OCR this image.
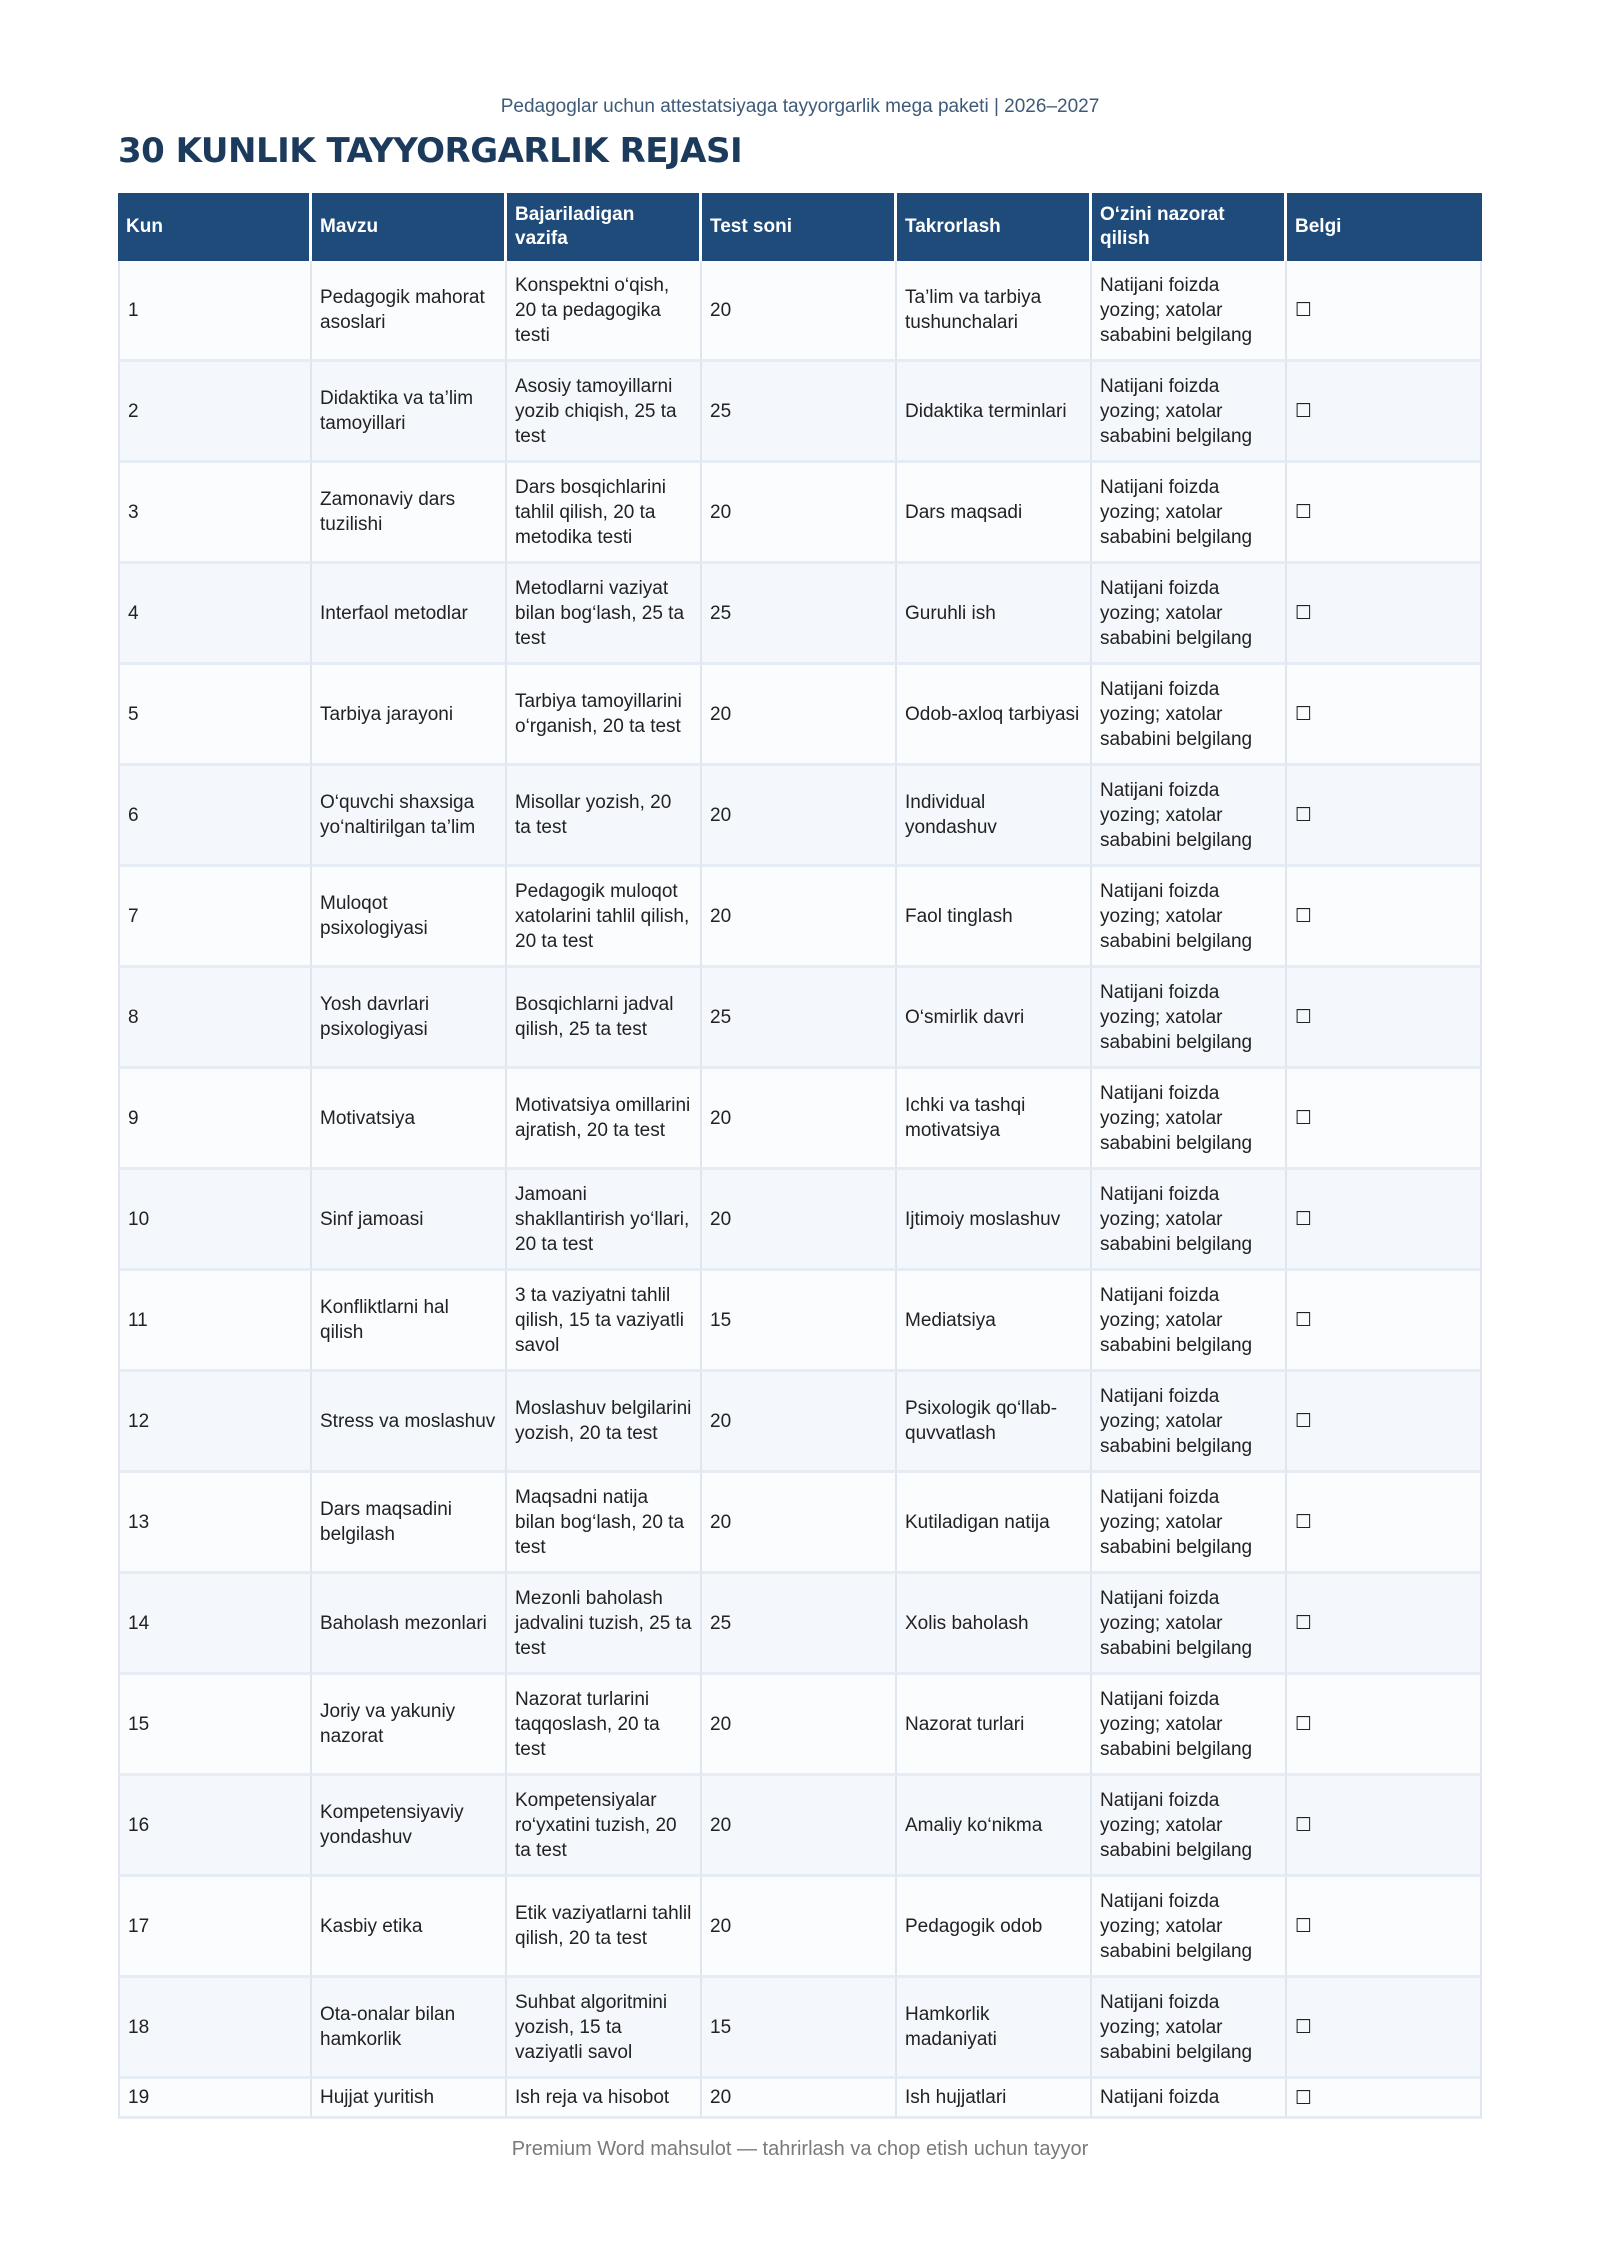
Pedagoglar uchun attestatsiyaga tayyorgarlik mega paketi | 2026–2027
30 KUNLIK TAYYORGARLIK REJASI
Kun	Mavzu	Bajariladigan vazifa	Test soni	Takrorlash	O‘zini nazorat qilish	Belgi
1	Pedagogik mahorat asoslari	Konspektni o‘qish, 20 ta pedagogika testi	20	Ta’lim va tarbiya tushunchalari	Natijani foizda yozing; xatolar sababini belgilang	☐
2	Didaktika va ta’lim tamoyillari	Asosiy tamoyillarni yozib chiqish, 25 ta test	25	Didaktika terminlari	Natijani foizda yozing; xatolar sababini belgilang	☐
3	Zamonaviy dars tuzilishi	Dars bosqichlarini tahlil qilish, 20 ta metodika testi	20	Dars maqsadi	Natijani foizda yozing; xatolar sababini belgilang	☐
4	Interfaol metodlar	Metodlarni vaziyat bilan bog‘lash, 25 ta test	25	Guruhli ish	Natijani foizda yozing; xatolar sababini belgilang	☐
5	Tarbiya jarayoni	Tarbiya tamoyillarini o‘rganish, 20 ta test	20	Odob-axloq tarbiyasi	Natijani foizda yozing; xatolar sababini belgilang	☐
6	O‘quvchi shaxsiga yo‘naltirilgan ta’lim	Misollar yozish, 20 ta test	20	Individual yondashuv	Natijani foizda yozing; xatolar sababini belgilang	☐
7	Muloqot psixologiyasi	Pedagogik muloqot xatolarini tahlil qilish, 20 ta test	20	Faol tinglash	Natijani foizda yozing; xatolar sababini belgilang	☐
8	Yosh davrlari psixologiyasi	Bosqichlarni jadval qilish, 25 ta test	25	O‘smirlik davri	Natijani foizda yozing; xatolar sababini belgilang	☐
9	Motivatsiya	Motivatsiya omillarini ajratish, 20 ta test	20	Ichki va tashqi motivatsiya	Natijani foizda yozing; xatolar sababini belgilang	☐
10	Sinf jamoasi	Jamoani shakllantirish yo‘llari, 20 ta test	20	Ijtimoiy moslashuv	Natijani foizda yozing; xatolar sababini belgilang	☐
11	Konfliktlarni hal qilish	3 ta vaziyatni tahlil qilish, 15 ta vaziyatli savol	15	Mediatsiya	Natijani foizda yozing; xatolar sababini belgilang	☐
12	Stress va moslashuv	Moslashuv belgilarini yozish, 20 ta test	20	Psixologik qo‘llab-quvvatlash	Natijani foizda yozing; xatolar sababini belgilang	☐
13	Dars maqsadini belgilash	Maqsadni natija bilan bog‘lash, 20 ta test	20	Kutiladigan natija	Natijani foizda yozing; xatolar sababini belgilang	☐
14	Baholash mezonlari	Mezonli baholash jadvalini tuzish, 25 ta test	25	Xolis baholash	Natijani foizda yozing; xatolar sababini belgilang	☐
15	Joriy va yakuniy nazorat	Nazorat turlarini taqqoslash, 20 ta test	20	Nazorat turlari	Natijani foizda yozing; xatolar sababini belgilang	☐
16	Kompetensiyaviy yondashuv	Kompetensiyalar ro‘yxatini tuzish, 20 ta test	20	Amaliy ko‘nikma	Natijani foizda yozing; xatolar sababini belgilang	☐
17	Kasbiy etika	Etik vaziyatlarni tahlil qilish, 20 ta test	20	Pedagogik odob	Natijani foizda yozing; xatolar sababini belgilang	☐
18	Ota-onalar bilan hamkorlik	Suhbat algoritmini yozish, 15 ta vaziyatli savol	15	Hamkorlik madaniyati	Natijani foizda yozing; xatolar sababini belgilang	☐
19	Hujjat yuritish	Ish reja va hisobot	20	Ish hujjatlari	Natijani foizda	☐
Premium Word mahsulot — tahrirlash va chop etish uchun tayyor
